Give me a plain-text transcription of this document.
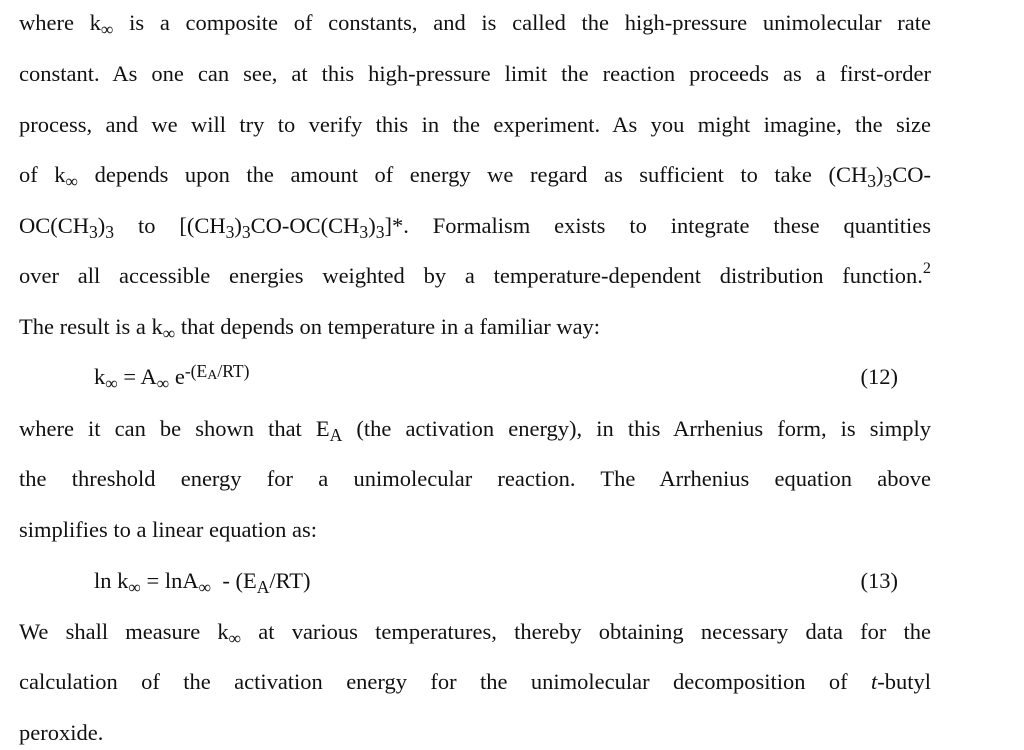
where $k_\infty$ is a composite of constants, and is called the high-pressure unimolecular rate
constant. As one can see, at this high-pressure limit the reaction proceeds as a first-order
process, and we will try to verify this in the experiment. As you might imagine, the size
of $k_\infty$ depends upon the amount of energy we regard as sufficient to take $(CH_3)_3CO-$
$OC(CH_3)_3$ to $[(CH_3)_3CO-OC(CH_3)_3]*$. Formalism exists to integrate these quantities
over all accessible energies weighted by a temperature-dependent distribution function.$^2$
The result is a $k_\infty$ that depends on temperature in a familiar way:
$k_\infty = A_\infty$ $e^{-(EA/RT)}$	(12)
where it can be shown that $E_A$ (the activation energy), in this Arrhenius form, is simply
the threshold energy for a unimolecular reaction. The Arrhenius equation above
simplifies to a linear equation as:
$\ln k_\infty = \ln A_\infty - (E_A/RT)$	(13)
We shall measure $k_\infty$ at various temperatures, thereby obtaining necessary data for the
calculation of the activation energy for the unimolecular decomposition of t-butyl
peroxide.
